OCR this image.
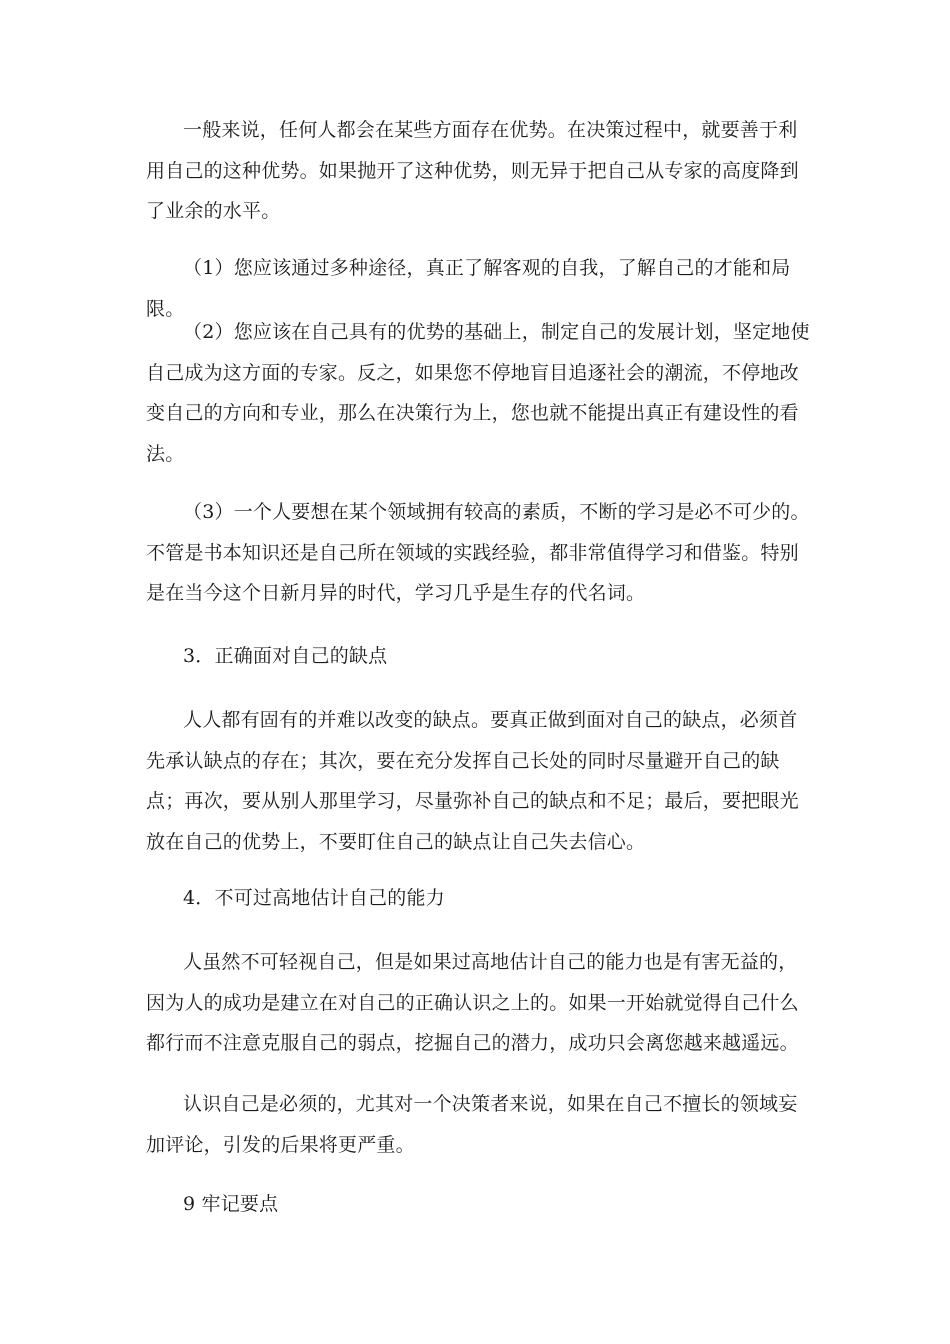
一般来说，任何人都会在某些方面存在优势。在决策过程中，就要善于利用自己的这种优势。如果抛开了这种优势，则无异于把自己从专家的高度降到了业余的水平。

（1）您应该通过多种途径，真正了解客观的自我，了解自己的才能和局限。

（2）您应该在自己具有的优势的基础上，制定自己的发展计划，坚定地使自己成为这方面的专家。反之，如果您不停地盲目追逐社会的潮流，不停地改变自己的方向和专业，那么在决策行为上，您也就不能提出真正有建设性的看法。

（3）一个人要想在某个领域拥有较高的素质，不断的学习是必不可少的。不管是书本知识还是自己所在领域的实践经验，都非常值得学习和借鉴。特别是在当今这个日新月异的时代，学习几乎是生存的代名词。

3．正确面对自己的缺点

人人都有固有的并难以改变的缺点。要真正做到面对自己的缺点，必须首先承认缺点的存在；其次，要在充分发挥自己长处的同时尽量避开自己的缺点；再次，要从别人那里学习，尽量弥补自己的缺点和不足；最后，要把眼光放在自己的优势上，不要盯住自己的缺点让自己失去信心。

4．不可过高地估计自己的能力

人虽然不可轻视自己，但是如果过高地估计自己的能力也是有害无益的，因为人的成功是建立在对自己的正确认识之上的。如果一开始就觉得自己什么都行而不注意克服自己的弱点，挖掘自己的潜力，成功只会离您越来越遥远。

认识自己是必须的，尤其对一个决策者来说，如果在自己不擅长的领域妄加评论，引发的后果将更严重。

9 牢记要点
